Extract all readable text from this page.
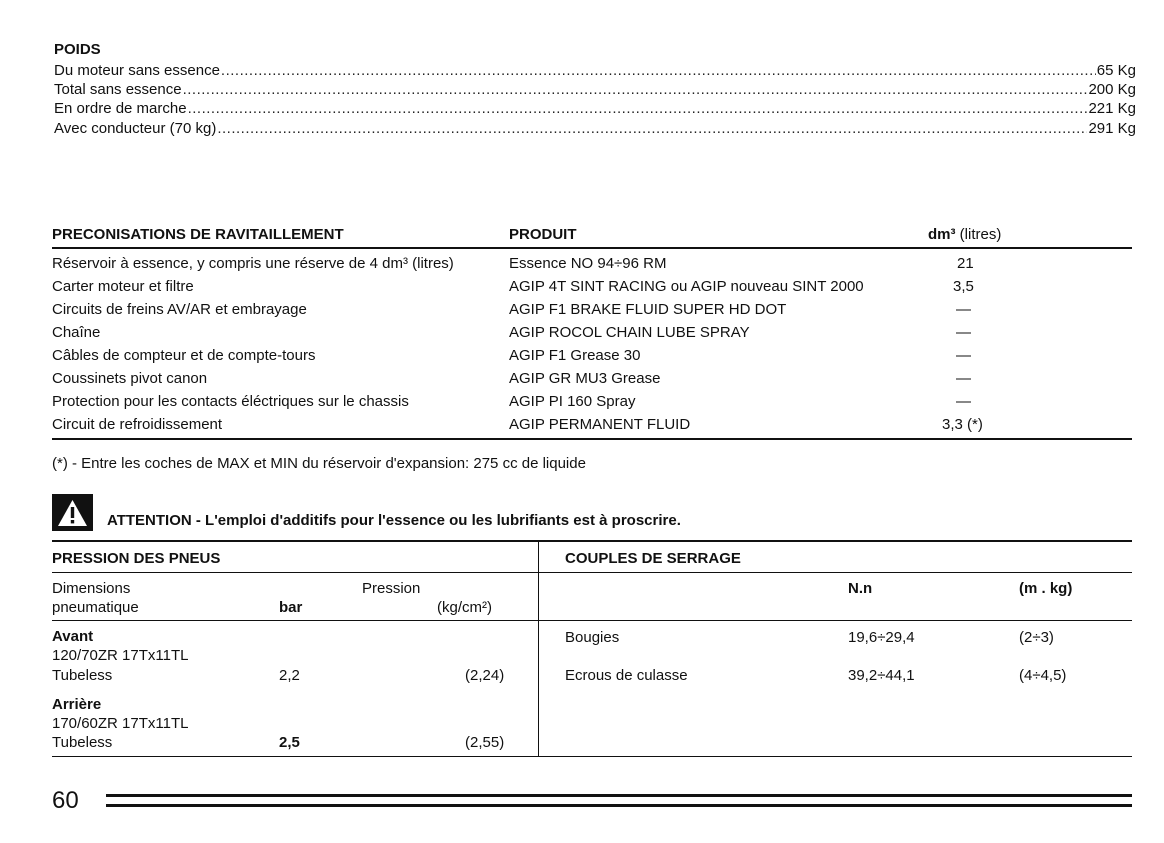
POIDS
Du moteur sans essence .....	65 Kg
Total sans essence .....	200 Kg
En ordre de marche .....	221 Kg
Avec conducteur (70 kg) .....	291 Kg
PRECONISATIONS DE RAVITAILLEMENT	PRODUIT	dm³ (litres)
Réservoir à essence, y compris une réserve de 4 dm³ (litres)	Essence NO 94÷96 RM	21
Carter moteur et filtre	AGIP 4T SINT RACING ou AGIP nouveau SINT 2000	3,5
Circuits de freins AV/AR et embrayage	AGIP F1 BRAKE FLUID SUPER HD DOT	—
Chaîne	AGIP ROCOL CHAIN LUBE SPRAY	—
Câbles de compteur et de compte-tours	AGIP F1 Grease 30	—
Coussinets pivot canon	AGIP GR MU3 Grease	—
Protection pour les contacts éléctriques sur le chassis	AGIP PI 160 Spray	—
Circuit de refroidissement	AGIP PERMANENT FLUID	3,3 (*)
(*) - Entre les coches de MAX et MIN du réservoir d'expansion: 275 cc de liquide
ATTENTION - L'emploi d'additifs pour l'essence ou les lubrifiants est à proscrire.
PRESSION DES PNEUS	COUPLES DE SERRAGE
Dimensions
pneumatique
Pression
bar	(kg/cm²)
N.n	(m . kg)
Avant
120/70ZR 17Tx11TL
Tubeless	2,2	(2,24)
Arrière
170/60ZR 17Tx11TL
Tubeless	2,5	(2,55)
Bougies	19,6÷29,4	(2÷3)
Ecrous de culasse	39,2÷44,1	(4÷4,5)
60
